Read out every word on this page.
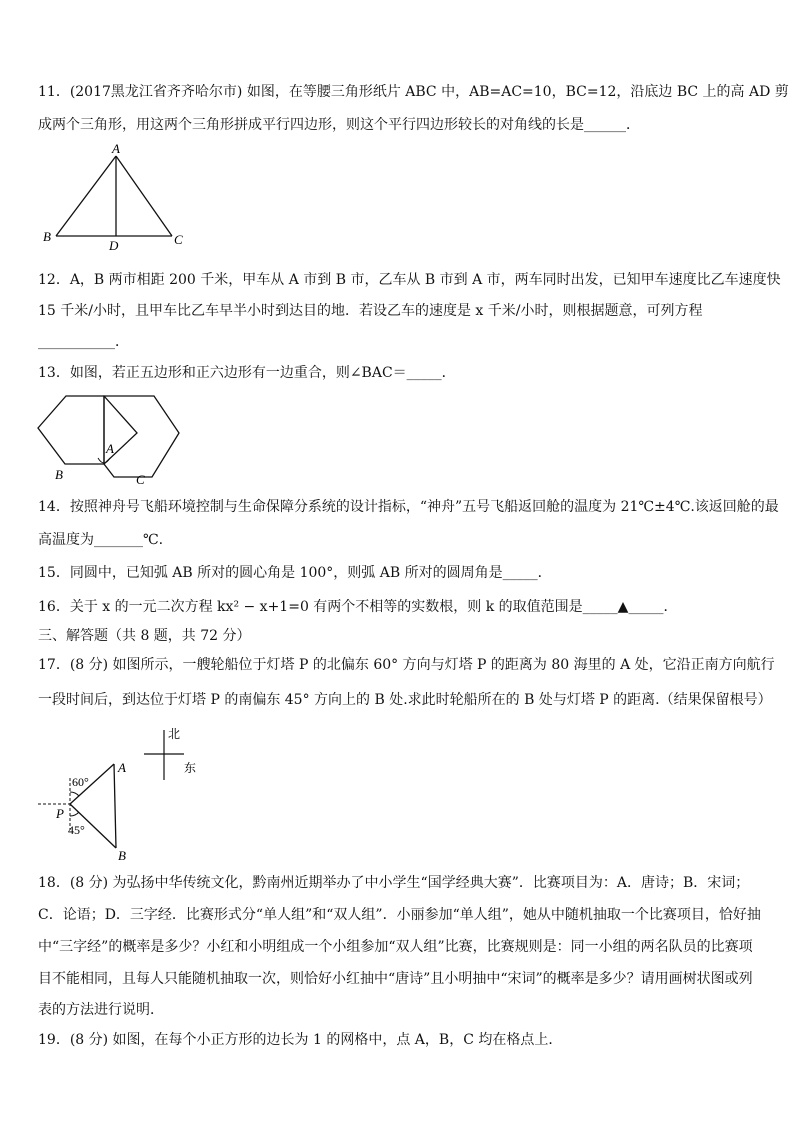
11．(2017黑龙江省齐齐哈尔市) 如图，在等腰三角形纸片 ABC 中，AB=AC=10，BC=12，沿底边 BC 上的高 AD 剪
成两个三角形，用这两个三角形拼成平行四边形，则这个平行四边形较长的对角线的长是______．
A
B	C
D
12．A，B 两市相距 200 千米，甲车从 A 市到 B 市，乙车从 B 市到 A 市，两车同时出发，已知甲车速度比乙车速度快
15 千米/小时，且甲车比乙车早半小时到达目的地．若设乙车的速度是 x 千米/小时，则根据题意，可列方程
___________．
13．如图，若正五边形和正六边形有一边重合，则∠BAC＝_____．
A
B	C
14．按照神舟号飞船环境控制与生命保障分系统的设计指标，“神舟”五号飞船返回舱的温度为 21℃±4℃.该返回舱的最
高温度为_______℃.
15．同圆中，已知弧 AB 所对的圆心角是 100°，则弧 AB 所对的圆周角是_____．
16．关于 x 的一元二次方程 kx² − x+1=0 有两个不相等的实数根，则 k 的取值范围是_____▲_____．
三、解答题（共 8 题，共 72 分）
17．(8 分) 如图所示，一艘轮船位于灯塔 P 的北偏东 60° 方向与灯塔 P 的距离为 80 海里的 A 处，它沿正南方向航行
一段时间后，到达位于灯塔 P 的南偏东 45° 方向上的 B 处.求此时轮船所在的 B 处与灯塔 P 的距离.（结果保留根号）
北
东
60°
45°
P
A
B
18．(8 分) 为弘扬中华传统文化，黔南州近期举办了中小学生“国学经典大赛”．比赛项目为：A．唐诗；B．宋词；
C．论语；D．三字经．比赛形式分“单人组”和“双人组”．小丽参加“单人组”，她从中随机抽取一个比赛项目，恰好抽
中“三字经”的概率是多少？小红和小明组成一个小组参加“双人组”比赛，比赛规则是：同一小组的两名队员的比赛项
目不能相同，且每人只能随机抽取一次，则恰好小红抽中“唐诗”且小明抽中“宋词”的概率是多少？请用画树状图或列
表的方法进行说明．
19．(8 分) 如图，在每个小正方形的边长为 1 的网格中，点 A，B，C 均在格点上．
